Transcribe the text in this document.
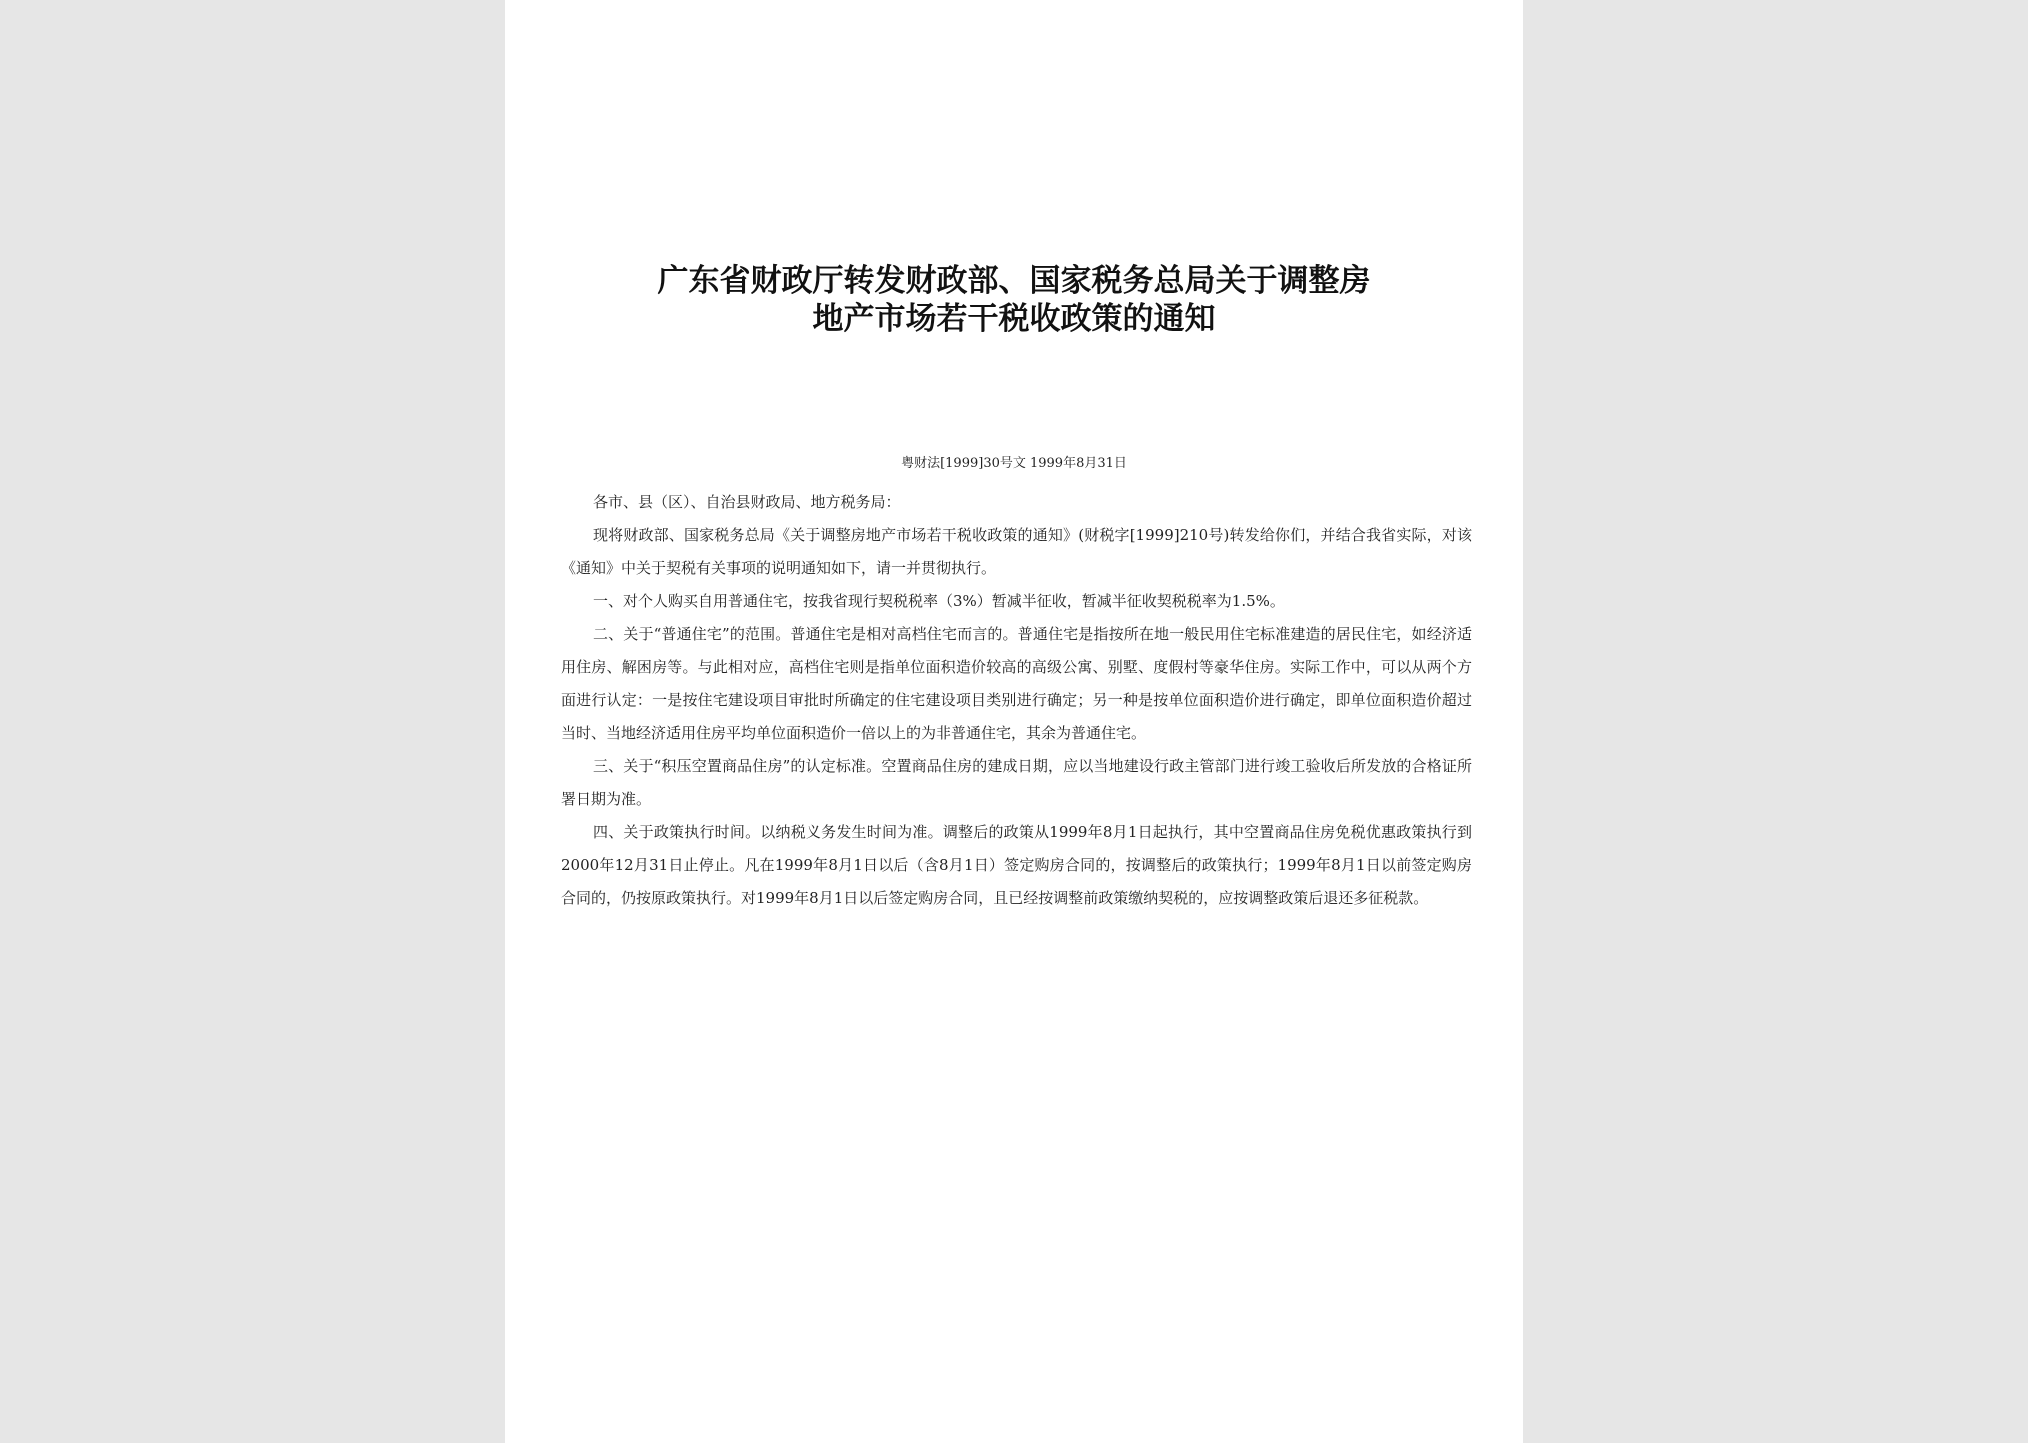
广东省财政厅转发财政部、国家税务总局关于调整房
地产市场若干税收政策的通知
粤财法[1999]30号文 1999年8月31日

各市、县（区）、自治县财政局、地方税务局：

现将财政部、国家税务总局《关于调整房地产市场若干税收政策的通知》(财税字[1999]210号)转发给你们，并结合我省实际，对该《通知》中关于契税有关事项的说明通知如下，请一并贯彻执行。

一、对个人购买自用普通住宅，按我省现行契税税率（3%）暂减半征收，暂减半征收契税税率为1.5%。

二、关于“普通住宅”的范围。普通住宅是相对高档住宅而言的。普通住宅是指按所在地一般民用住宅标准建造的居民住宅，如经济适用住房、解困房等。与此相对应，高档住宅则是指单位面积造价较高的高级公寓、别墅、度假村等豪华住房。实际工作中，可以从两个方面进行认定：一是按住宅建设项目审批时所确定的住宅建设项目类别进行确定；另一种是按单位面积造价进行确定，即单位面积造价超过当时、当地经济适用住房平均单位面积造价一倍以上的为非普通住宅，其余为普通住宅。

三、关于“积压空置商品住房”的认定标准。空置商品住房的建成日期，应以当地建设行政主管部门进行竣工验收后所发放的合格证所署日期为准。

四、关于政策执行时间。以纳税义务发生时间为准。调整后的政策从1999年8月1日起执行，其中空置商品住房免税优惠政策执行到2000年12月31日止停止。凡在1999年8月1日以后（含8月1日）签定购房合同的，按调整后的政策执行；1999年8月1日以前签定购房合同的，仍按原政策执行。对1999年8月1日以后签定购房合同，且已经按调整前政策缴纳契税的，应按调整政策后退还多征税款。
